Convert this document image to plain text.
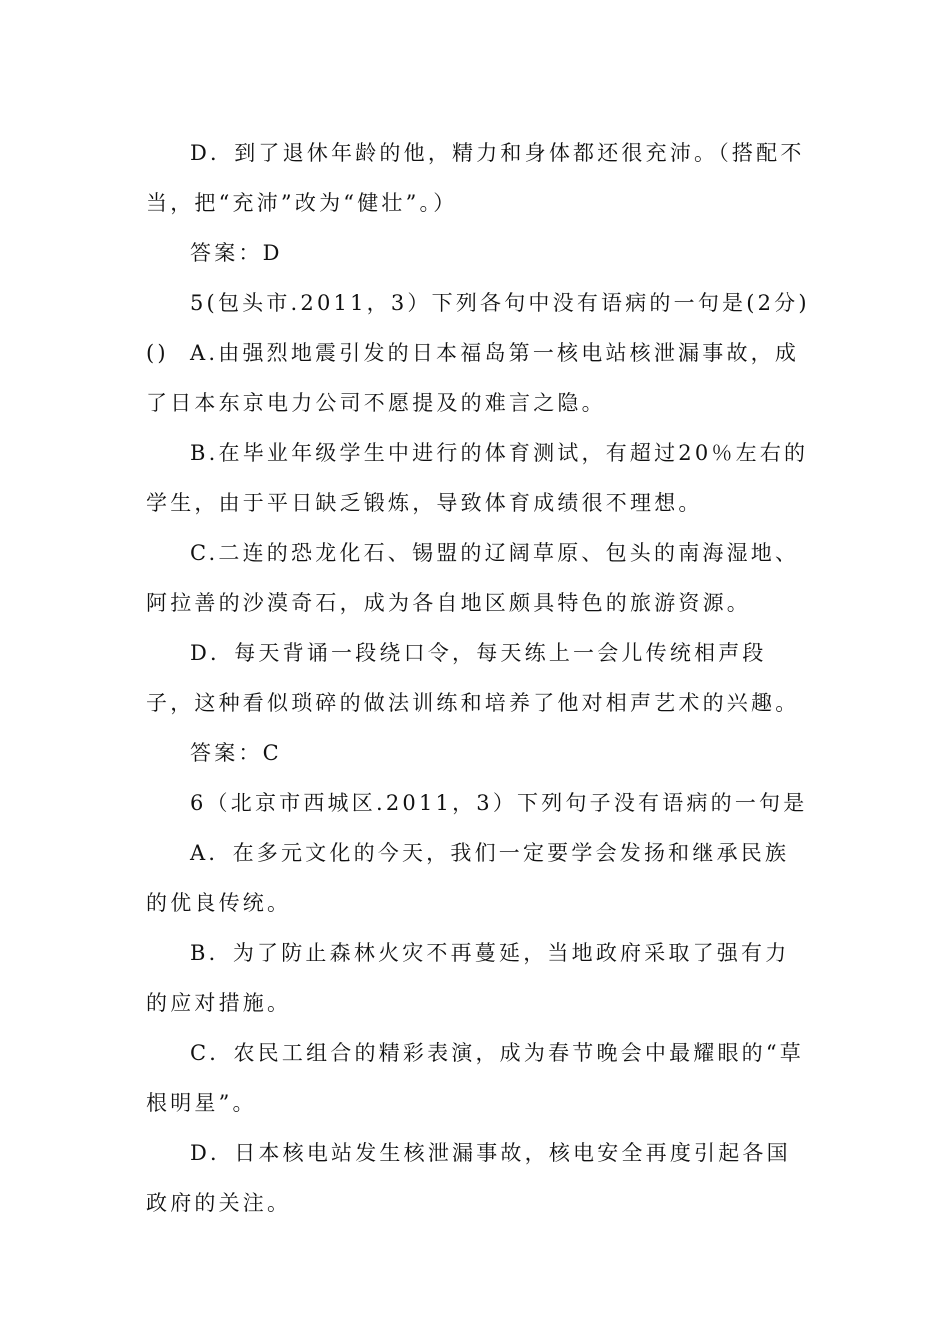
D．到了退休年龄的他，精力和身体都还很充沛。（搭配不当，把“充沛”改为“健壮”。）

答案：D

5(包头市.2011，3）下列各句中没有语病的一句是(2分)()	A.由强烈地震引发的日本福岛第一核电站核泄漏事故，成了日本东京电力公司不愿提及的难言之隐。

B.在毕业年级学生中进行的体育测试，有超过20％左右的学生，由于平日缺乏锻炼，导致体育成绩很不理想。

C.二连的恐龙化石、锡盟的辽阔草原、包头的南海湿地、阿拉善的沙漠奇石，成为各自地区颇具特色的旅游资源。

D．每天背诵一段绕口令，每天练上一会儿传统相声段子，这种看似琐碎的做法训练和培养了他对相声艺术的兴趣。

答案：C

6（北京市西城区.2011，3）下列句子没有语病的一句是

A．在多元文化的今天，我们一定要学会发扬和继承民族的优良传统。

B．为了防止森林火灾不再蔓延，当地政府采取了强有力的应对措施。

C．农民工组合的精彩表演，成为春节晚会中最耀眼的“草根明星”。

D．日本核电站发生核泄漏事故，核电安全再度引起各国政府的关注。
